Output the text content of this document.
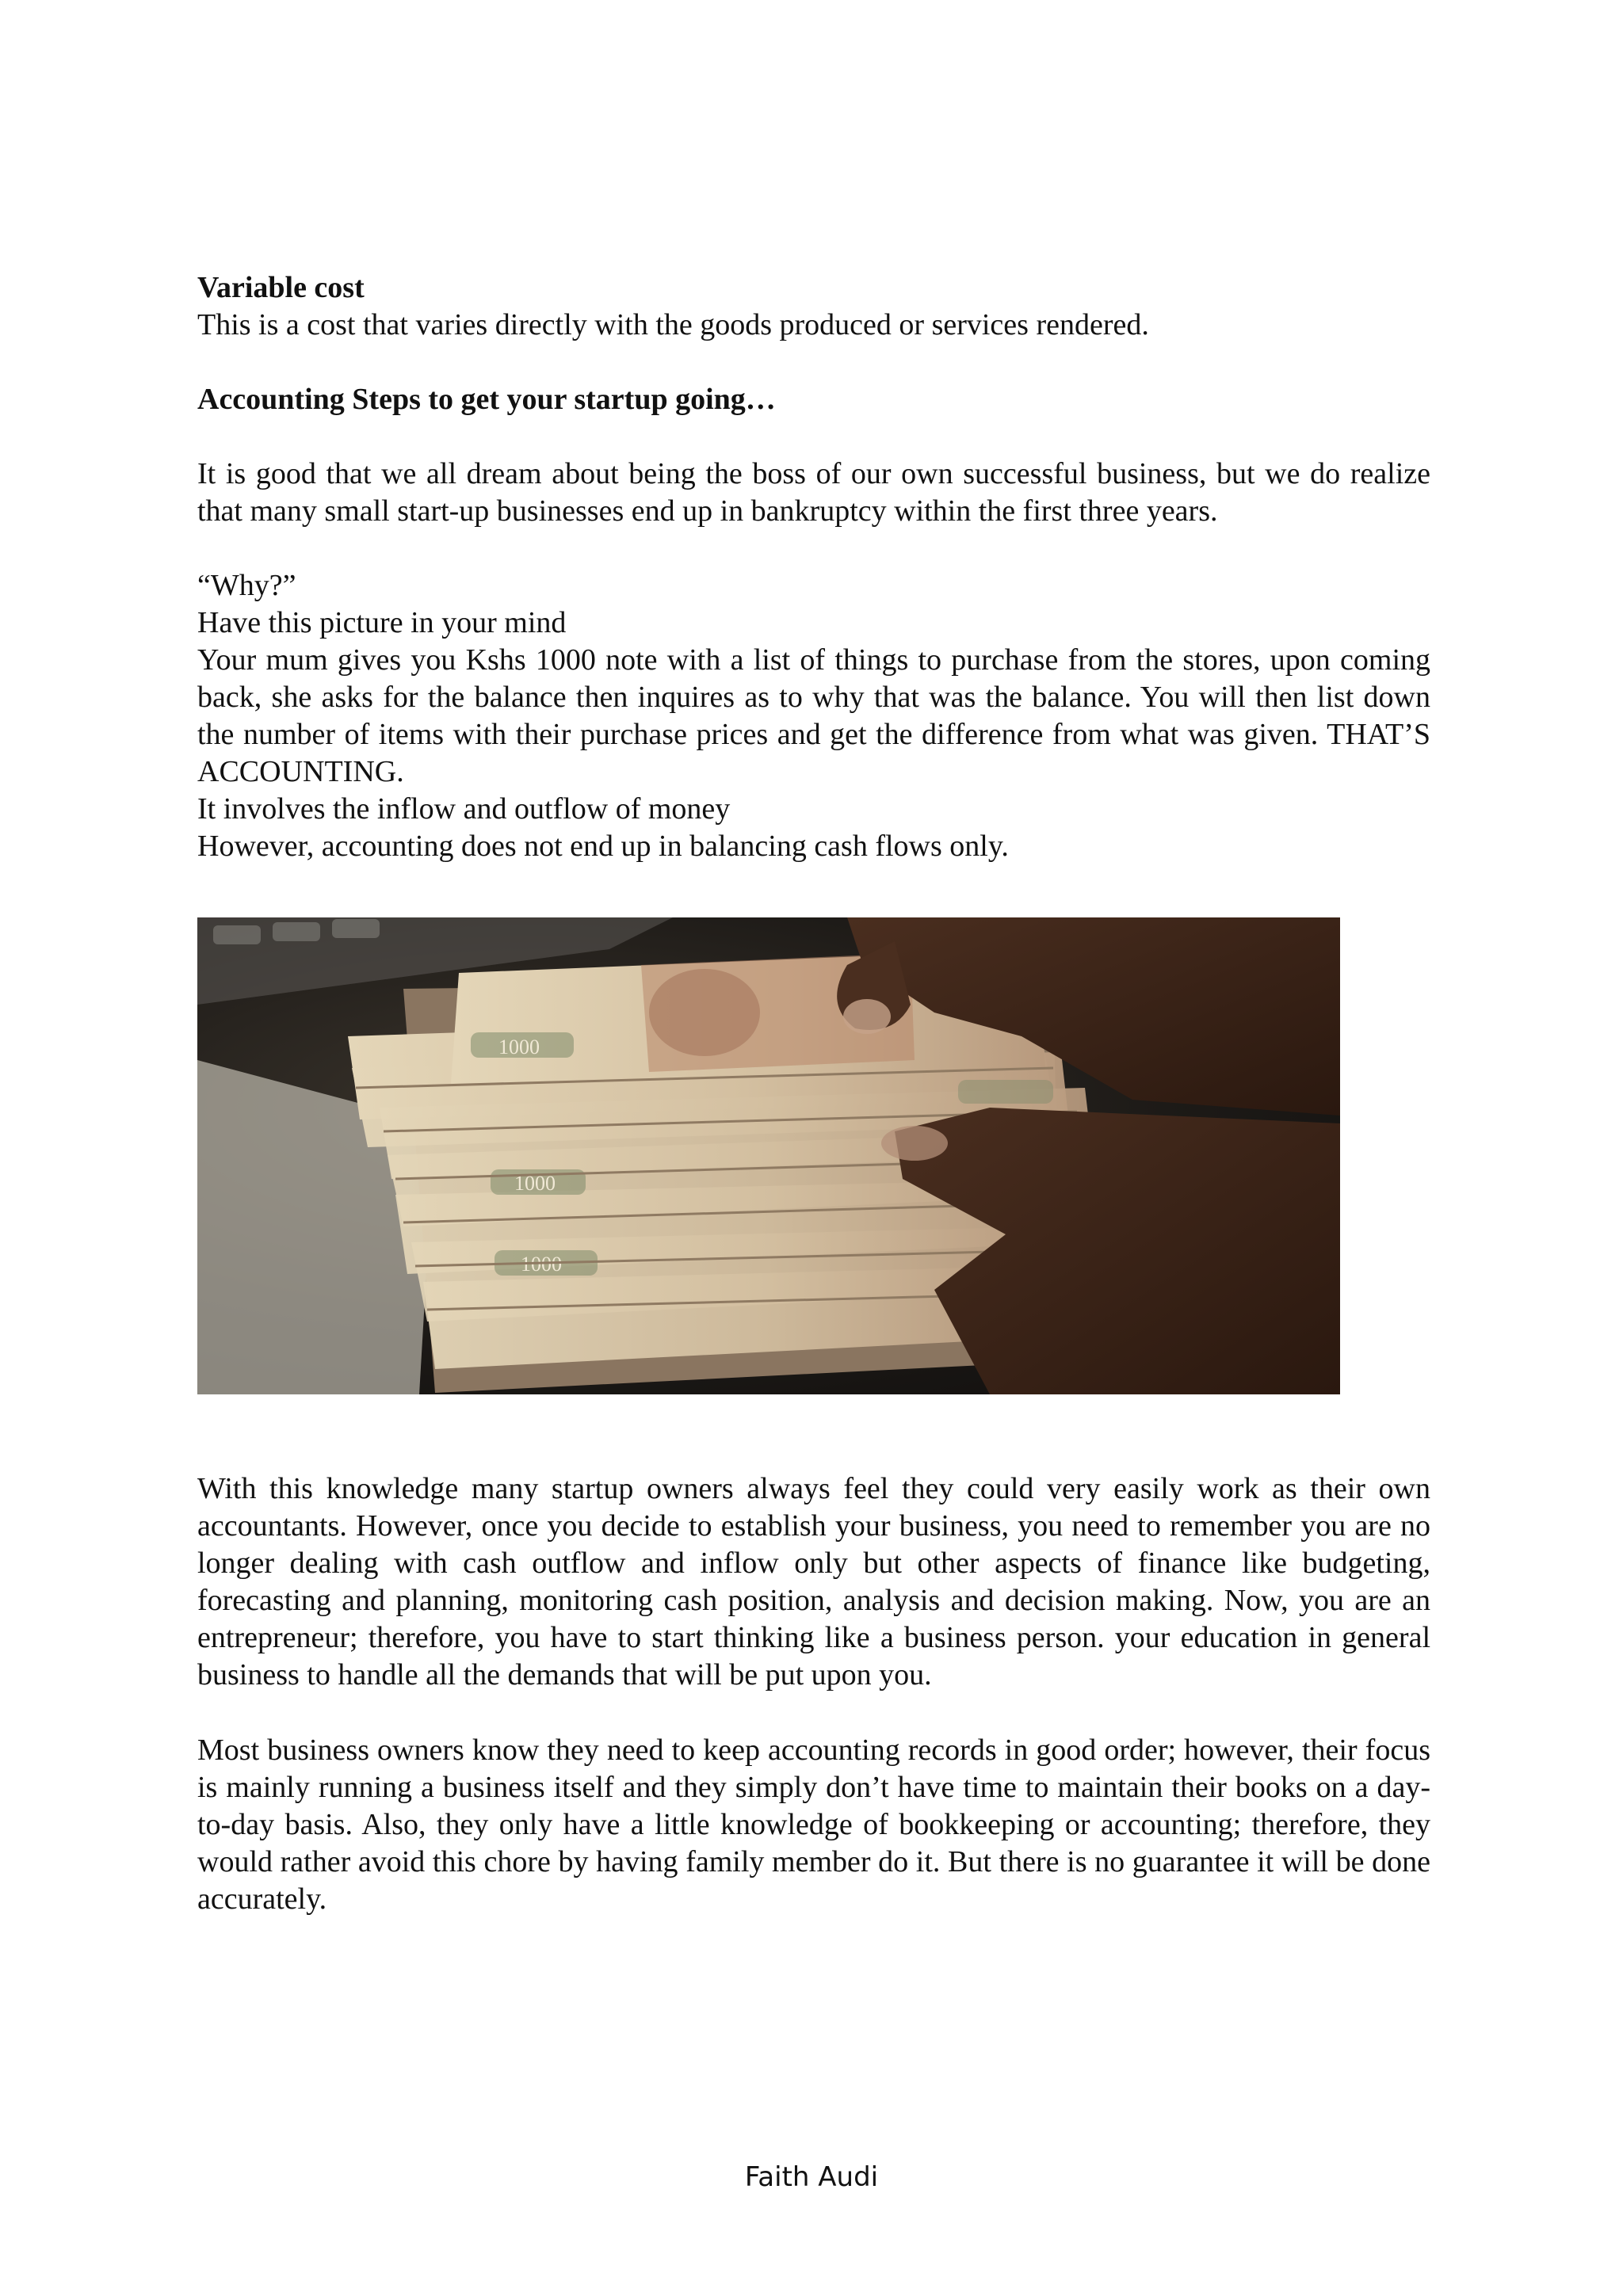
Variable cost

This is a cost that varies directly with the goods produced or services rendered.

Accounting Steps to get your startup going…

It is good that we all dream about being the boss of our own successful business, but we do realize that many small start-up businesses end up in bankruptcy within the first three years.

“Why?”

Have this picture in your mind

Your mum gives you Kshs 1000 note with a list of things to purchase from the stores, upon coming back, she asks for the balance then inquires as to why that was the balance. You will then list down the number of items with their purchase prices and get the difference from what was given. THAT’S ACCOUNTING.

It involves the inflow and outflow of money

However, accounting does not end up in balancing cash flows only.

1000
1000
1000

With this knowledge many startup owners always feel they could very easily work as their own accountants. However, once you decide to establish your business, you need to remember you are no longer dealing with cash outflow and inflow only but other aspects of finance like budgeting, forecasting and planning, monitoring cash position, analysis and decision making. Now, you are an entrepreneur; therefore, you have to start thinking like a business person. your education in general business to handle all the demands that will be put upon you.

Most business owners know they need to keep accounting records in good order; however, their focus is mainly running a business itself and they simply don’t have time to maintain their books on a day-to-day basis. Also, they only have a little knowledge of bookkeeping or accounting; therefore, they would rather avoid this chore by having family member do it. But there is no guarantee it will be done accurately.

Faith Audi
